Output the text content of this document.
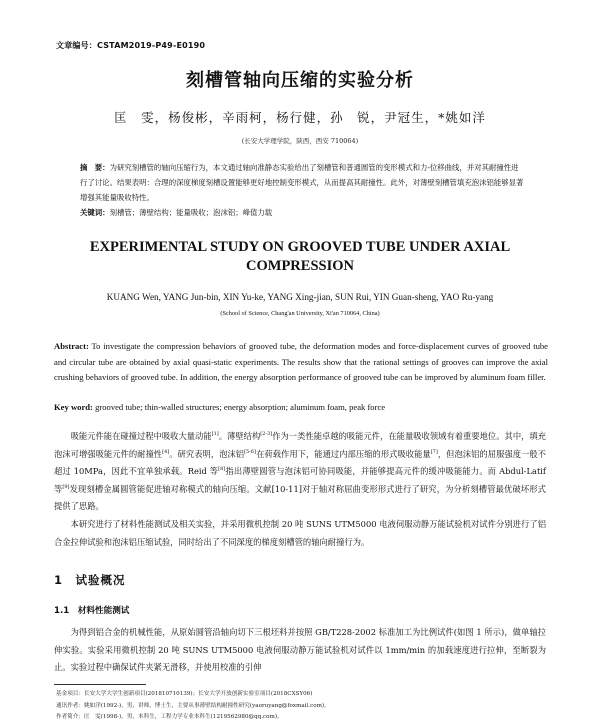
文章编号：CSTAM2019-P49-E0190
刻槽管轴向压缩的实验分析
匡　雯，杨俊彬，辛雨柯，杨行健，孙　锐，尹冠生，*姚如洋
(长安大学理学院，陕西，西安 710064)
摘　要：为研究刻槽管的轴向压缩行为，本文通过轴向准静态实验给出了刻槽管和普通圆管的变形模式和力-位移曲线，并对其耐撞性进行了讨论。结果表明：合理的深度梯度刻槽设置能够更好地控制变形模式，从而提高其耐撞性。此外，对薄壁刻槽管填充泡沫铝能够显著增强其能量吸收特性。
关键词：刻槽管；薄壁结构；能量吸收；泡沫铝；峰值力载
EXPERIMENTAL STUDY ON GROOVED TUBE UNDER AXIAL COMPRESSION
KUANG Wen, YANG Jun-bin, XIN Yu-ke, YANG Xing-jian, SUN Rui, YIN Guan-sheng, YAO Ru-yang
(School of Science, Chang'an University, Xi'an 710064, China)
Abstract: To investigate the compression behaviors of grooved tube, the deformation modes and force-displacement curves of grooved tube and circular tube are obtained by axial quasi-static experiments. The results show that the rational settings of grooves can improve the axial crushing behaviors of grooved tube. In addition, the energy absorption performance of grooved tube can be improved by aluminum foam filler.
Key word: grooved tube; thin-walled structures; energy absorption; aluminum foam, peak force
吸能元件能在碰撞过程中吸收大量动能[1]。薄壁结构[2-3]作为一类性能卓越的吸能元件，在能量吸收领域有着重要地位。其中，填充泡沫可增强吸能元件的耐撞性[4]。研究表明，泡沫铝[5-6]在荷载作用下，能通过内部压缩的形式吸收能量[7]，但泡沫铝的屈服强度一般不超过 10MPa，因此不宜单独承载。Reid 等[8]指出薄壁圆管与泡沫铝可协同吸能，并能够提高元件的缓冲吸能能力。而 Abdul-Latif 等[9]发现刻槽金属圆管能促进轴对称模式的轴向压缩。文献[10-11]对于轴对称屈曲变形形式进行了研究，为分析刻槽管最优破坏形式提供了思路。
本研究进行了材料性能测试及相关实验，并采用微机控制 20 吨 SUNS UTM5000 电液伺服动静万能试验机对试件分别进行了铝合金拉伸试验和泡沫铝压缩试验，同时给出了不同深度的梯度刻槽管的轴向耐撞行为。
1　试验概况
1.1　材料性能测试
为得到铝合金的机械性能，从原始圆管沿轴向切下三根坯料并按照 GB/T228-2002 标准加工为比例试件(如图 1 所示)，做单轴拉伸实验。实验采用微机控制 20 吨 SUNS UTM5000 电液伺服动静万能试验机对试件以 1mm/min 的加载速度进行拉伸，至断裂为止。实验过程中确保试件夹紧无滑移，并使用校准的引伸
基金项目：长安大学大学生创新项目(201810710139)；长安大学开放创新实验室项目(2018CXSY06)
通讯作者：姚如洋(1992-)，男，讲师，博士生，主要从事薄壁结构耐撞性研究(yaoruyang@foxmail.com)。
作者简介：匡　雯(1998-)，男，本科生，工程力学专业本科生(1219562980@qq.com)。
